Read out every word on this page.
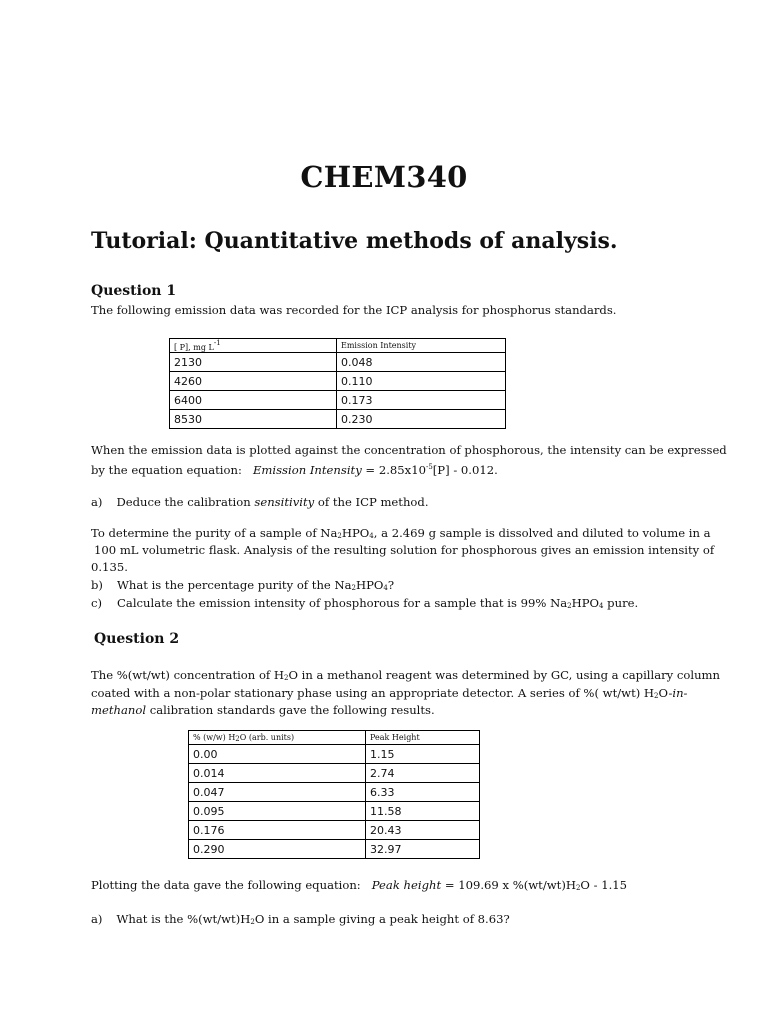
CHEM340
Tutorial: Quantitative methods of analysis.
Question 1
The following emission data was recorded for the ICP analysis for phosphorus standards.
[ P], mg $L^{-1}$	Emission Intensity
2130	0.048
4260	0.110
6400	0.173
8530	0.230
When the emission data is plotted against the concentration of phosphorous, the intensity can be expressed
by the equation equation: Emission Intensity = $2.85x10^{-5}[P] - 0.012$.
a) Deduce the calibration sensitivity of the ICP method.
To determine the purity of a sample of $Na_2HPO_4$, a 2.469 g sample is dissolved and diluted to volume in a
100 mL volumetric flask. Analysis of the resulting solution for phosphorous gives an emission intensity of
0.135.
b) What is the percentage purity of the $Na_2HPO_4$?
c) Calculate the emission intensity of phosphorous for a sample that is 99% $Na_2HPO_4$ pure.
Question 2
The %(wt/wt) concentration of $H_2O$ in a methanol reagent was determined by GC, using a capillary column
coated with a non-polar stationary phase using an appropriate detector. A series of %( wt/wt) $H_2O-in-$
methanol calibration standards gave the following results.
% (w/w) $H_2O$ (arb. units)	Peak Height
0.00	1.15
0.014	2.74
0.047	6.33
0.095	11.58
0.176	20.43
0.290	32.97
Plotting the data gave the following equation: Peak height = 109.69 x $\%(wt/wt)H_2O - 1.15$
a) What is the $\%(wt/wt)H_2O$ in a sample giving a peak height of 8.63?
